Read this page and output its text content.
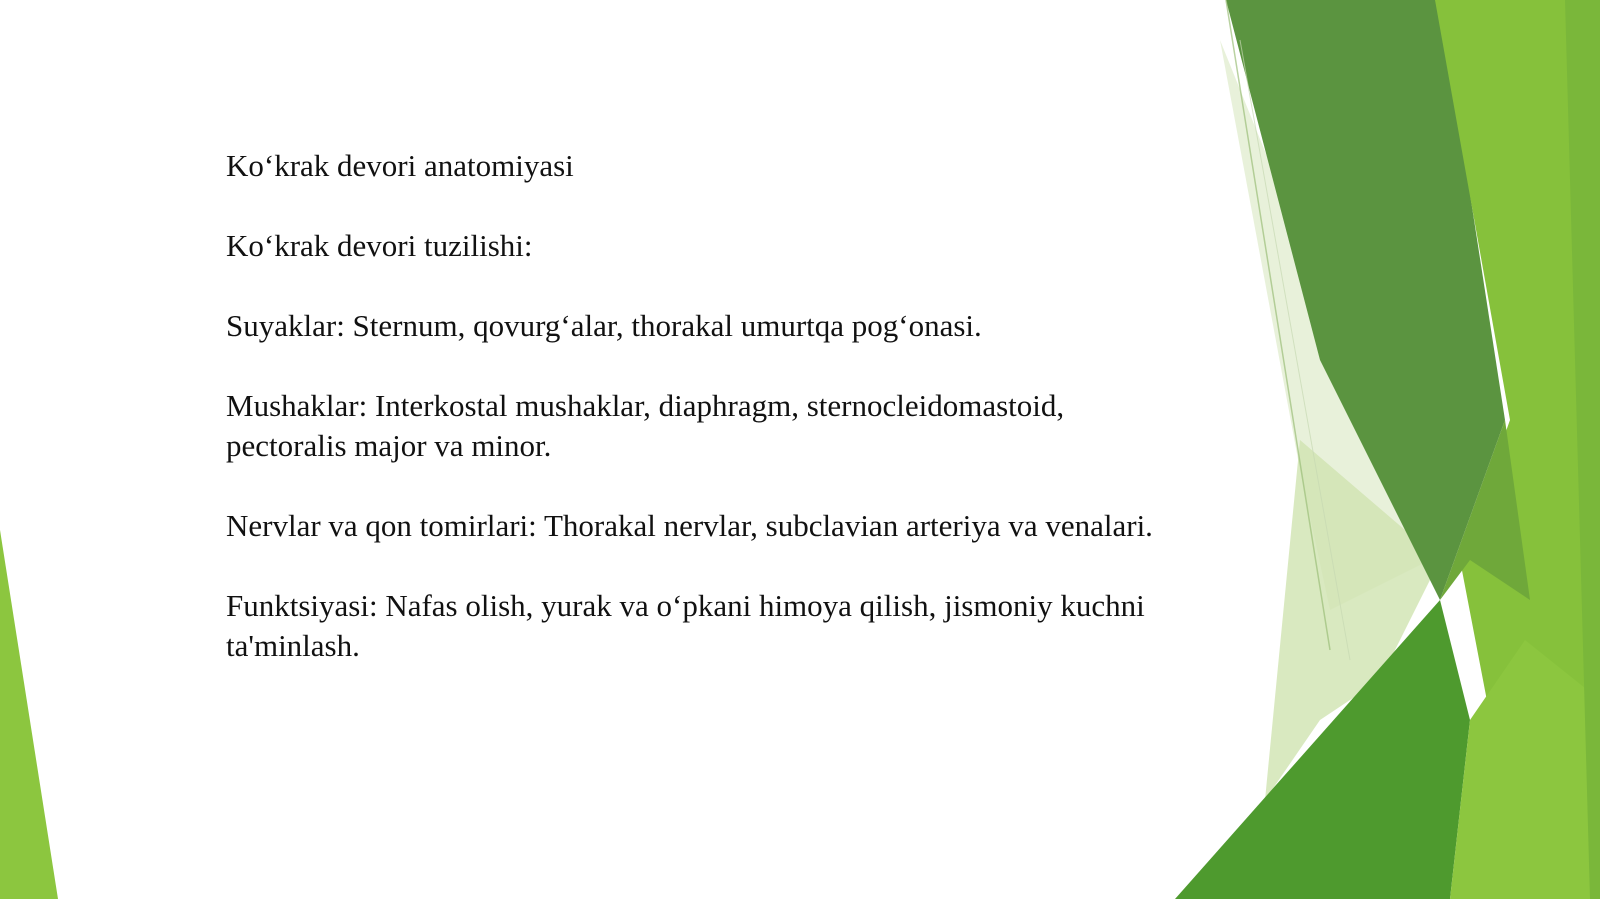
Ko‘krak devori anatomiyasi

Ko‘krak devori tuzilishi:

Suyaklar: Sternum, qovurg‘alar, thorakal umurtqa pog‘onasi.

Mushaklar: Interkostal mushaklar, diaphragm, sternocleidomastoid, pectoralis major va minor.

Nervlar va qon tomirlari: Thorakal nervlar, subclavian arteriya va venalari.

Funktsiyasi: Nafas olish, yurak va o‘pkani himoya qilish, jismoniy kuchni ta'minlash.
